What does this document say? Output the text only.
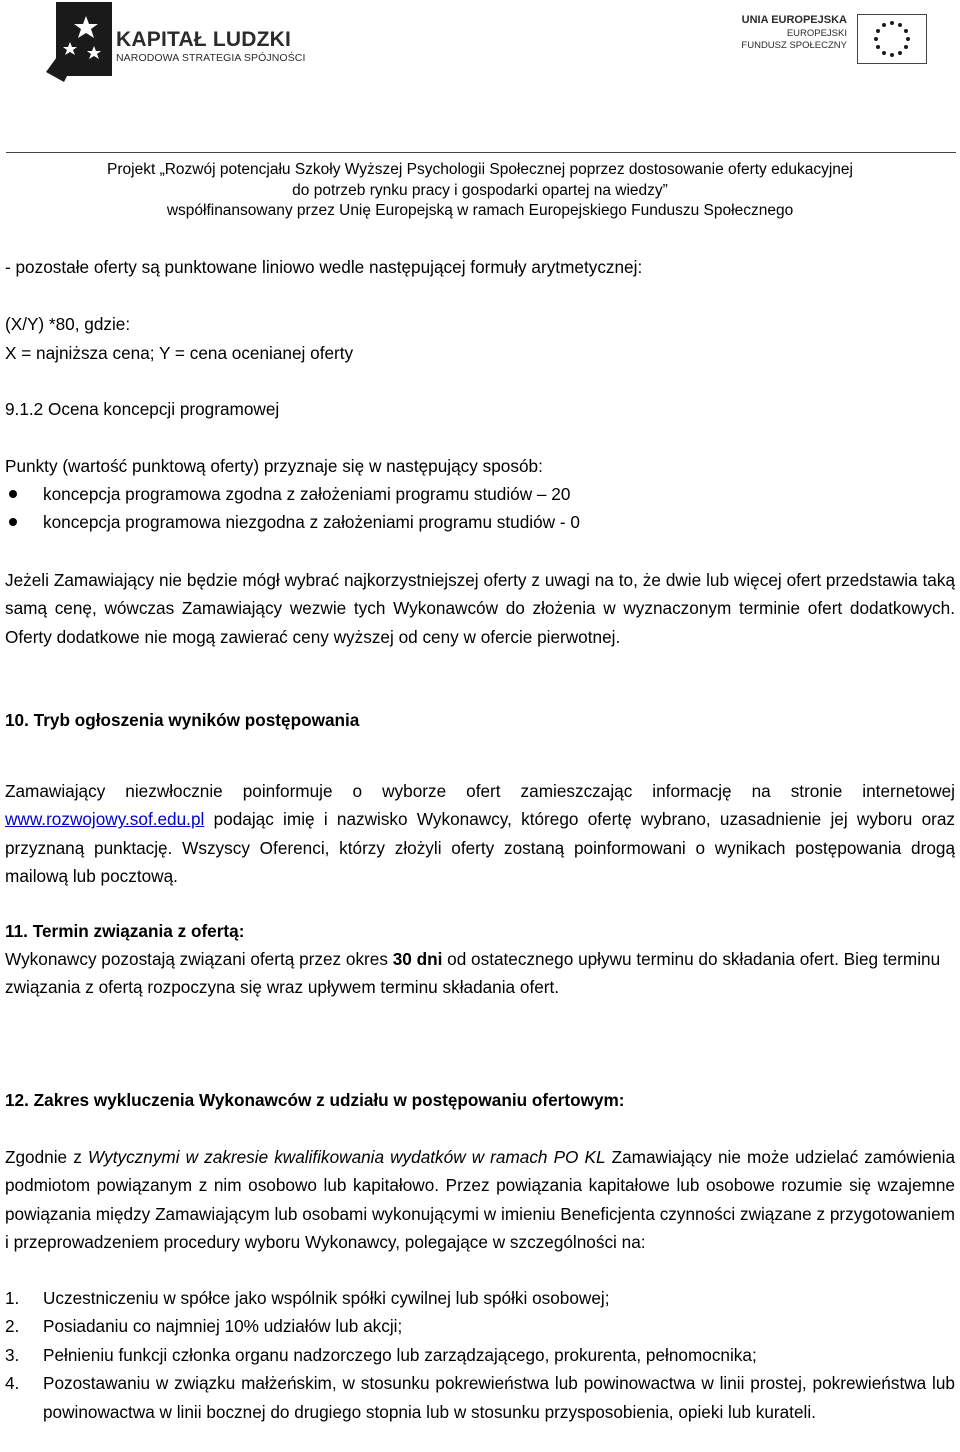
KAPITAŁ LUDZKI
NARODOWA STRATEGIA SPÓJNOŚCI
UNIA EUROPEJSKA
EUROPEJSKI
FUNDUSZ SPOŁECZNY
Projekt „Rozwój potencjału Szkoły Wyższej Psychologii Społecznej poprzez dostosowanie oferty edukacyjnej
do potrzeb rynku pracy i gospodarki opartej na wiedzy”
współfinansowany przez Unię Europejską w ramach Europejskiego Funduszu Społecznego
- pozostałe oferty są punktowane liniowo wedle następującej formuły arytmetycznej:
(X/Y) *80, gdzie:
X = najniższa cena; Y = cena ocenianej oferty
9.1.2 Ocena koncepcji programowej
Punkty (wartość punktową oferty) przyznaje się w następujący sposób:
koncepcja programowa zgodna z założeniami programu studiów – 20
koncepcja programowa niezgodna z założeniami programu studiów - 0
Jeżeli Zamawiający nie będzie mógł wybrać najkorzystniejszej oferty z uwagi na to, że dwie lub więcej ofert przedstawia taką samą cenę, wówczas Zamawiający wezwie tych Wykonawców do złożenia w wyznaczonym terminie ofert dodatkowych. Oferty dodatkowe nie mogą zawierać ceny wyższej od ceny w ofercie pierwotnej.
10. Tryb ogłoszenia wyników postępowania
Zamawiający niezwłocznie poinformuje o wyborze ofert zamieszczając informację na stronie internetowej www.rozwojowy.sof.edu.pl podając imię i nazwisko Wykonawcy, którego ofertę wybrano, uzasadnienie jej wyboru oraz przyznaną punktację. Wszyscy Oferenci, którzy złożyli oferty zostaną poinformowani o wynikach postępowania drogą mailową lub pocztową.
11. Termin związania z ofertą:
Wykonawcy pozostają związani ofertą przez okres 30 dni od ostatecznego upływu terminu do składania ofert. Bieg terminu związania z ofertą rozpoczyna się wraz upływem terminu składania ofert.
12. Zakres wykluczenia Wykonawców z udziału w postępowaniu ofertowym:
Zgodnie z Wytycznymi w zakresie kwalifikowania wydatków w ramach PO KL Zamawiający nie może udzielać zamówienia podmiotom powiązanym z nim osobowo lub kapitałowo. Przez powiązania kapitałowe lub osobowe rozumie się wzajemne powiązania między Zamawiającym lub osobami wykonującymi w imieniu Beneficjenta czynności związane z przygotowaniem i przeprowadzeniem procedury wyboru Wykonawcy, polegające w szczególności na:
1. Uczestniczeniu w spółce jako wspólnik spółki cywilnej lub spółki osobowej;
2. Posiadaniu co najmniej 10% udziałów lub akcji;
3. Pełnieniu funkcji członka organu nadzorczego lub zarządzającego, prokurenta, pełnomocnika;
4. Pozostawaniu w związku małżeńskim, w stosunku pokrewieństwa lub powinowactwa w linii prostej, pokrewieństwa lub powinowactwa w linii bocznej do drugiego stopnia lub w stosunku przysposobienia, opieki lub kurateli.
